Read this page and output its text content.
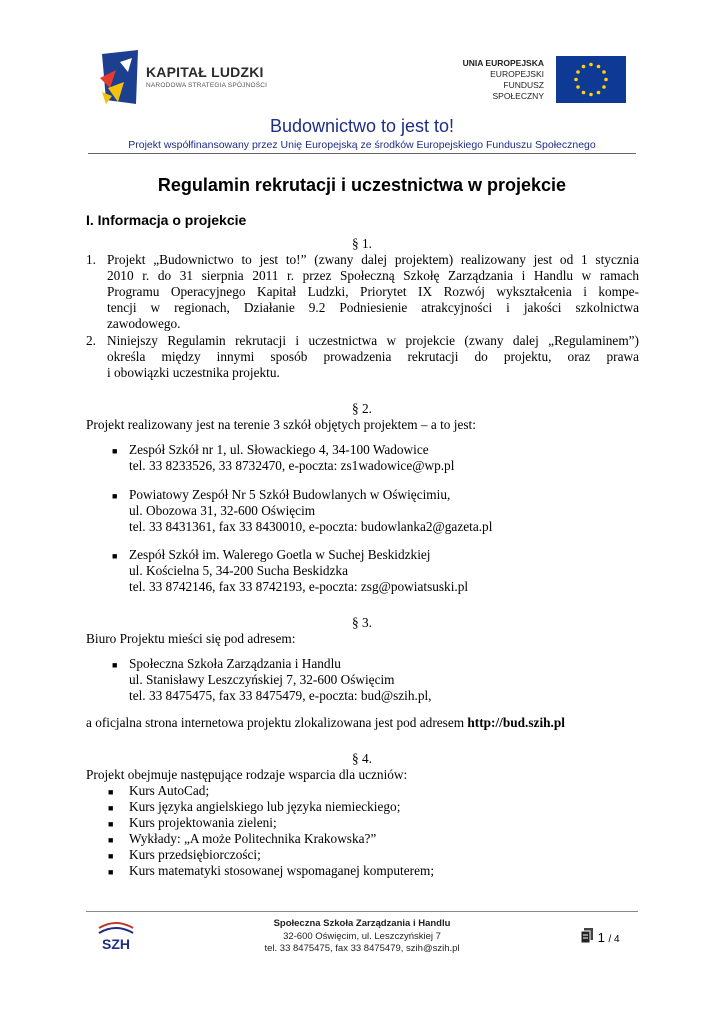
KAPITAŁ LUDZKI
NARODOWA STRATEGIA SPÓJNOŚCI
UNIA EUROPEJSKA
EUROPEJSKI
FUNDUSZ SPOŁECZNY
Budownictwo to jest to!
Projekt współfinansowany przez Unię Europejską ze środków Europejskiego Funduszu Społecznego
Regulamin rekrutacji i uczestnictwa w projekcie
I. Informacja o projekcie
§ 1.
1. Projekt „Budownictwo to jest to!” (zwany dalej projektem) realizowany jest od 1 stycznia
2010 r. do 31 sierpnia 2011 r. przez Społeczną Szkołę Zarządzania i Handlu w ramach
Programu Operacyjnego Kapitał Ludzki, Priorytet IX Rozwój wykształcenia i kompe-
tencji w regionach, Działanie 9.2 Podniesienie atrakcyjności i jakości szkolnictwa
zawodowego.
2. Niniejszy Regulamin rekrutacji i uczestnictwa w projekcie (zwany dalej „Regulaminem”)
określa między innymi sposób prowadzenia rekrutacji do projektu, oraz prawa
i obowiązki uczestnika projektu.
§ 2.
Projekt realizowany jest na terenie 3 szkół objętych projektem – a to jest:
■ Zespół Szkół nr 1, ul. Słowackiego 4, 34-100 Wadowice
tel. 33 8233526, 33 8732470, e-poczta: zs1wadowice@wp.pl
■ Powiatowy Zespół Nr 5 Szkół Budowlanych w Oświęcimiu,
ul. Obozowa 31, 32-600 Oświęcim
tel. 33 8431361, fax 33 8430010, e-poczta: budowlanka2@gazeta.pl
■ Zespół Szkół im. Walerego Goetla w Suchej Beskidzkiej
ul. Kościelna 5, 34-200 Sucha Beskidzka
tel. 33 8742146, fax 33 8742193, e-poczta: zsg@powiatsuski.pl
§ 3.
Biuro Projektu mieści się pod adresem:
■ Społeczna Szkoła Zarządzania i Handlu
ul. Stanisławy Leszczyńskiej 7, 32-600 Oświęcim
tel. 33 8475475, fax 33 8475479, e-poczta: bud@szih.pl,
a oficjalna strona internetowa projektu zlokalizowana jest pod adresem http://bud.szih.pl
§ 4.
Projekt obejmuje następujące rodzaje wsparcia dla uczniów:
■ Kurs AutoCad;
■ Kurs języka angielskiego lub języka niemieckiego;
■ Kurs projektowania zieleni;
■ Wykłady: „A może Politechnika Krakowska?”
■ Kurs przedsiębiorczości;
■ Kurs matematyki stosowanej wspomaganej komputerem;
SZH
Społeczna Szkoła Zarządzania i Handlu
32-600 Oświęcim, ul. Leszczyńskiej 7
tel. 33 8475475, fax 33 8475479, szih@szih.pl
1 / 4
